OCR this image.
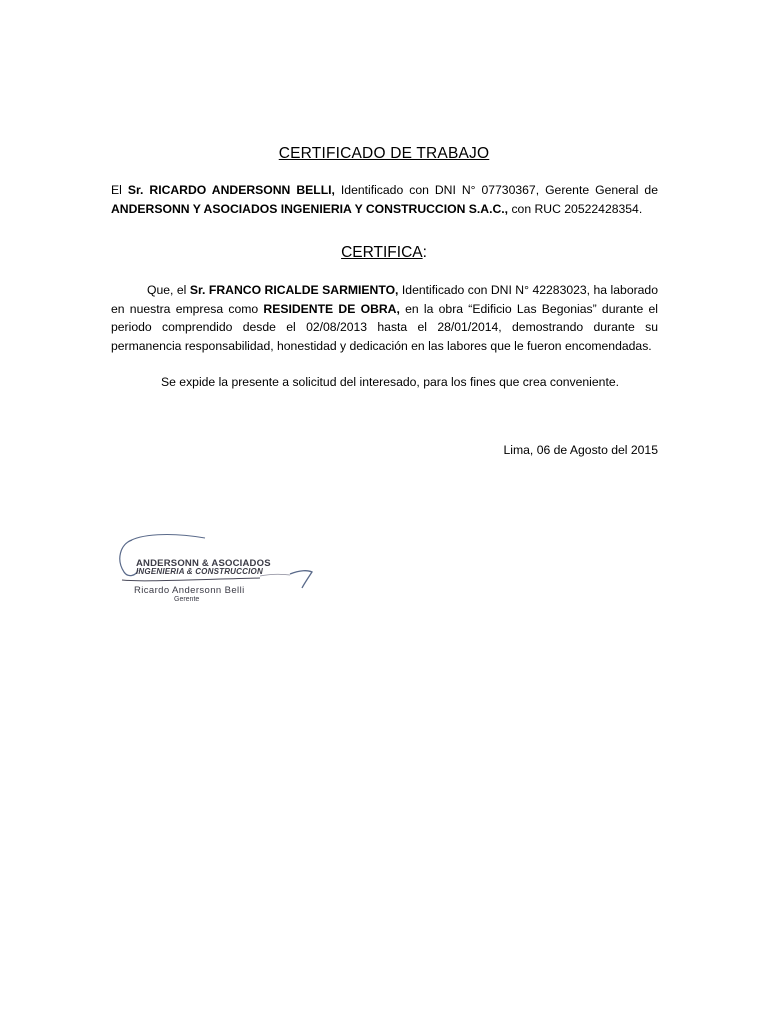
CERTIFICADO DE TRABAJO
El Sr. RICARDO ANDERSONN BELLI, Identificado con DNI N° 07730367, Gerente General de ANDERSONN Y ASOCIADOS INGENIERIA Y CONSTRUCCION S.A.C., con RUC 20522428354.
CERTIFICA:
Que, el Sr. FRANCO RICALDE SARMIENTO, Identificado con DNI N° 42283023, ha laborado en nuestra empresa como RESIDENTE DE OBRA, en la obra “Edificio Las Begonias” durante el periodo comprendido desde el 02/08/2013 hasta el 28/01/2014, demostrando durante su permanencia responsabilidad, honestidad y dedicación en las labores que le fueron encomendadas.
Se expide la presente a solicitud del interesado, para los fines que crea conveniente.
Lima, 06 de Agosto del 2015
ANDERSONN & ASOCIADOS
INGENIERIA & CONSTRUCCION
Ricardo Andersonn Belli
Gerente
